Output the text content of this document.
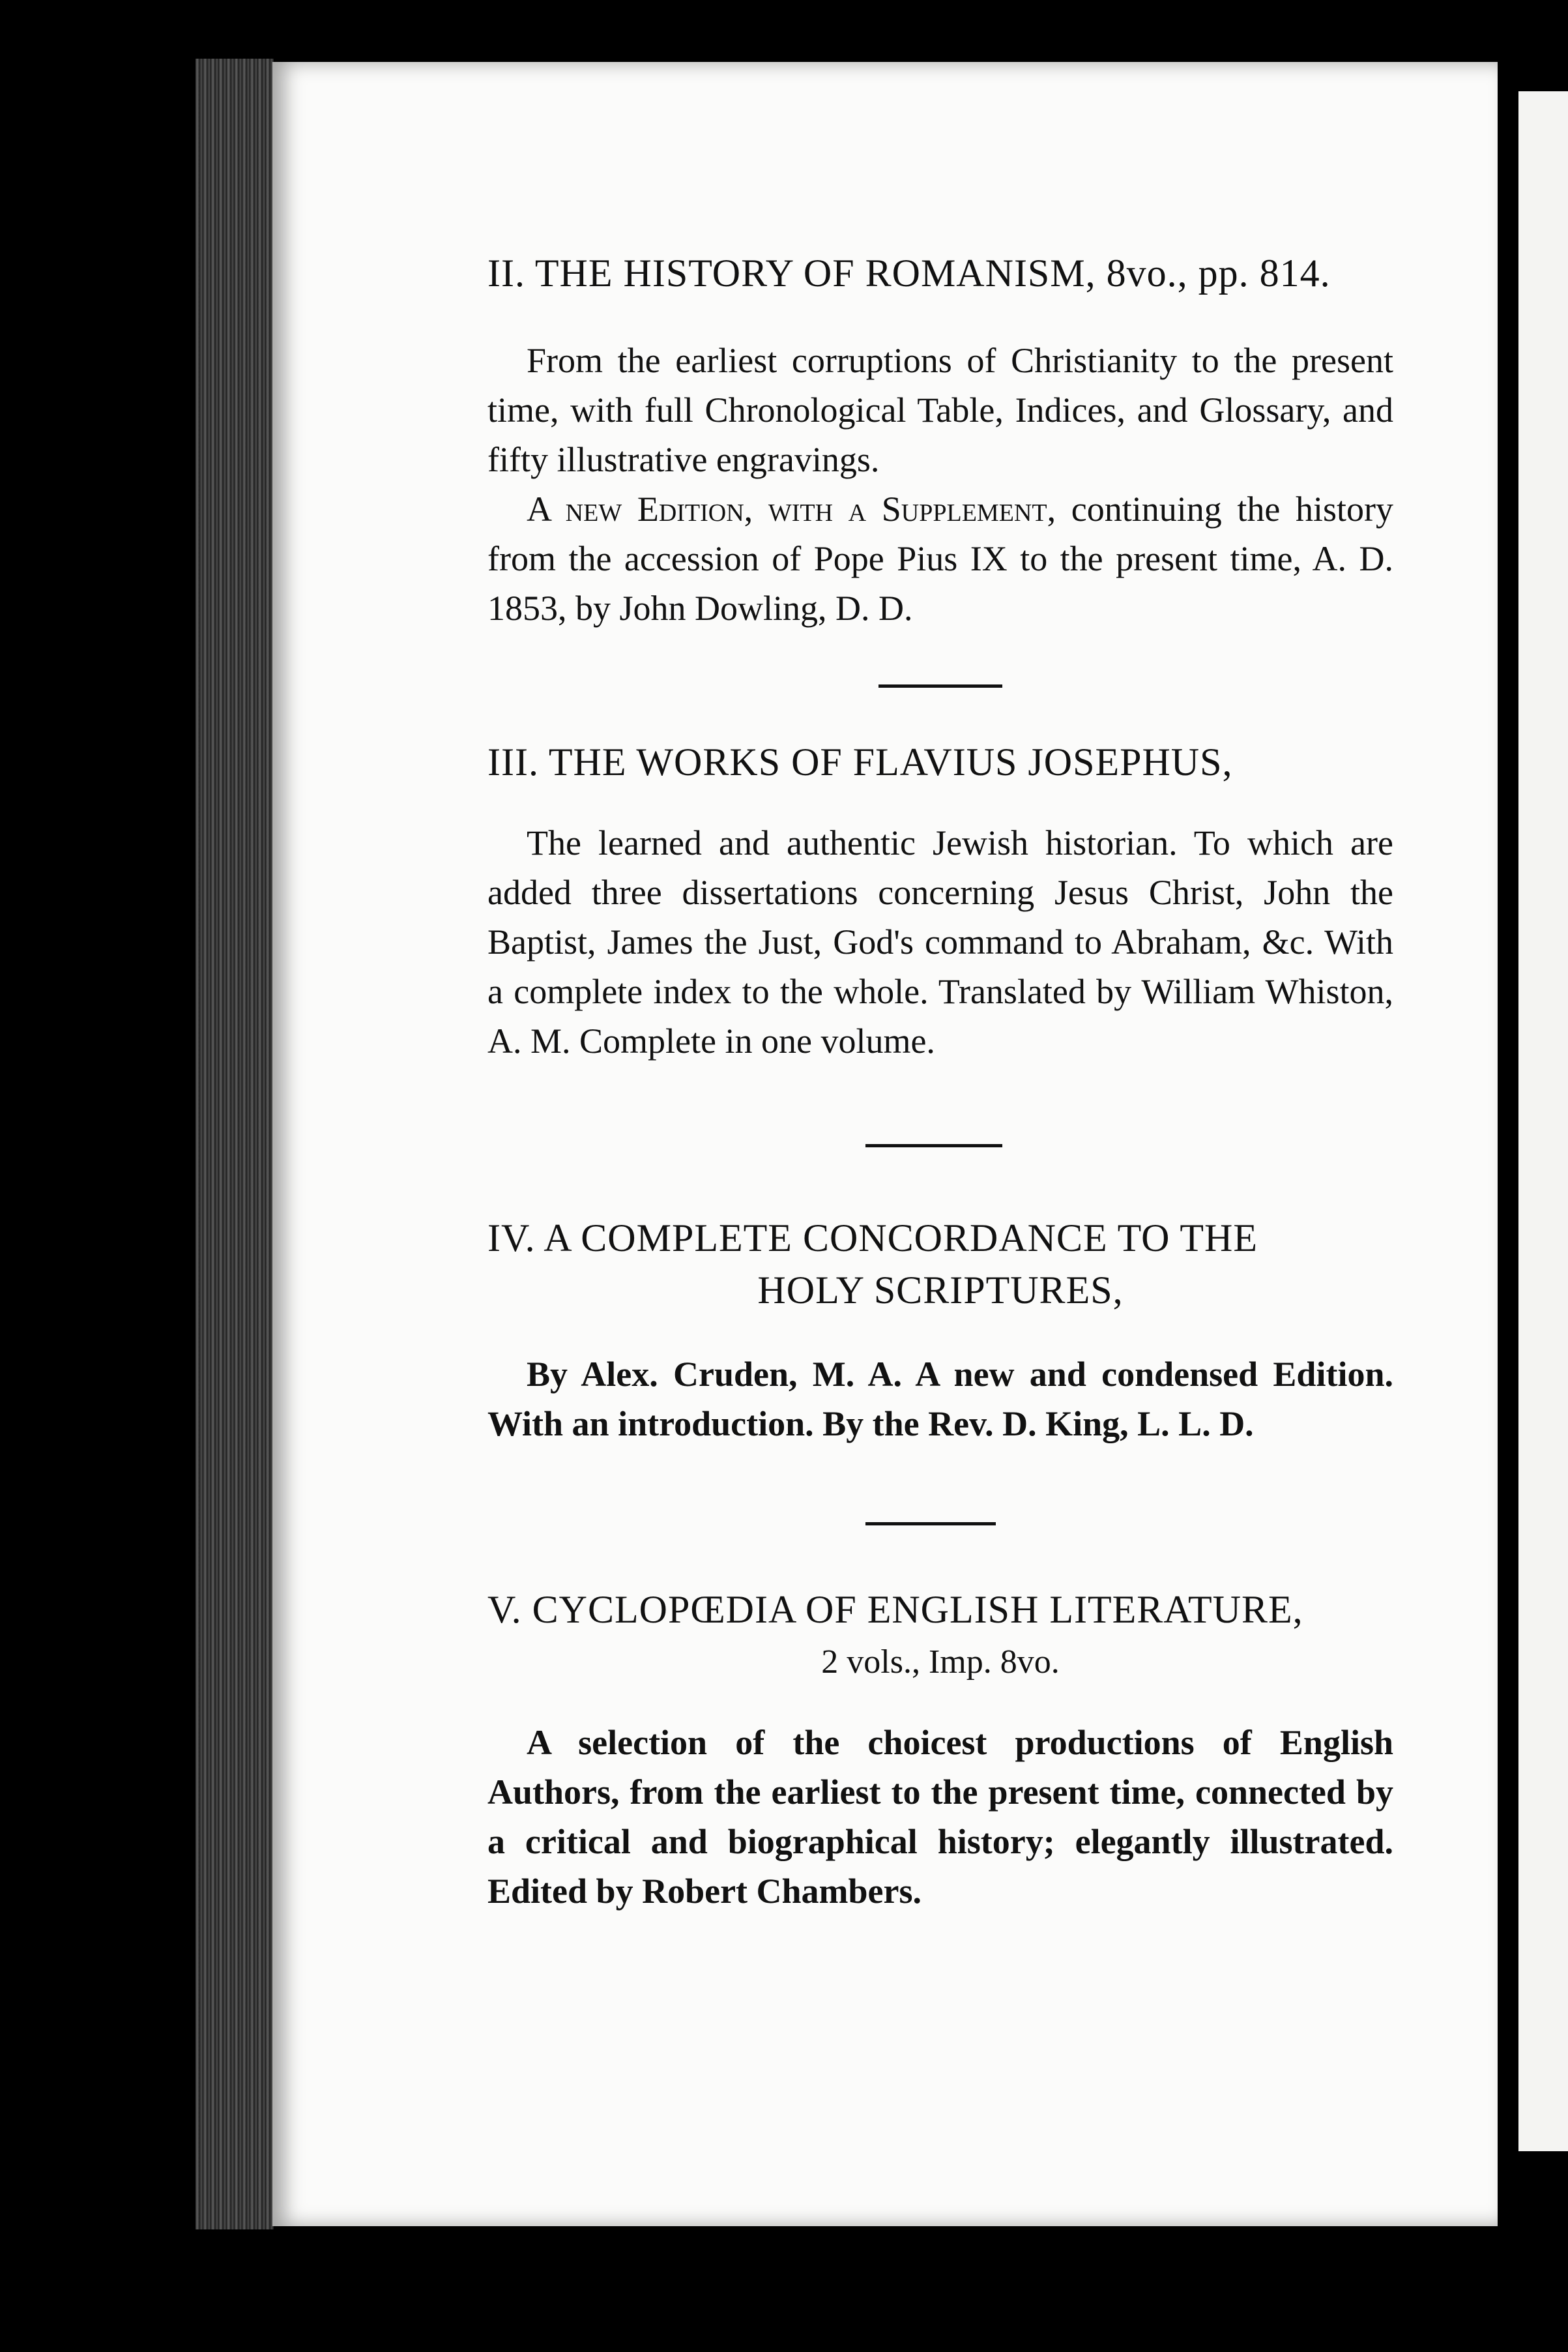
II. THE HISTORY OF ROMANISM, 8vo., pp. 814.
From the earliest corruptions of Christianity to the present time, with full Chronological Table, Indices, and Glossary, and fifty illustrative engravings.
A new Edition, with a Supplement, continuing the history from the accession of Pope Pius IX to the present time, A. D. 1853, by John Dowling, D. D.
III. THE WORKS OF FLAVIUS JOSEPHUS,
The learned and authentic Jewish historian. To which are added three dissertations concerning Jesus Christ, John the Baptist, James the Just, God's command to Abraham, &c. With a complete index to the whole. Translated by William Whiston, A. M. Complete in one volume.
IV. A COMPLETE CONCORDANCE TO THE
HOLY SCRIPTURES,
By Alex. Cruden, M. A. A new and condensed Edition. With an introduction. By the Rev. D. King, L. L. D.
V. CYCLOPŒDIA OF ENGLISH LITERATURE,
2 vols., Imp. 8vo.
A selection of the choicest productions of English Authors, from the earliest to the present time, connected by a critical and biographical history; elegantly illustrated. Edited by Robert Chambers.
